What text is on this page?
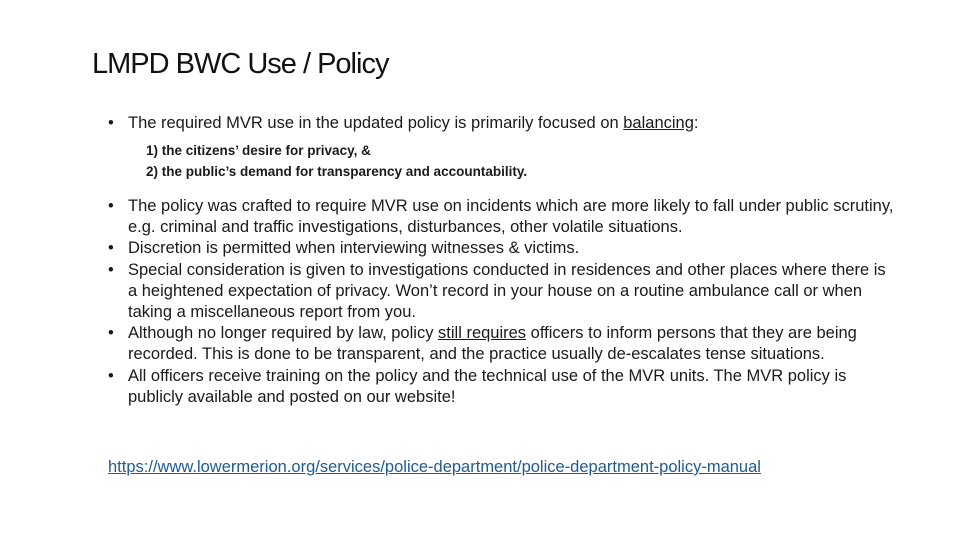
LMPD BWC Use / Policy
• The required MVR use in the updated policy is primarily focused on balancing:
1) the citizens’ desire for privacy, &
2) the public’s demand for transparency and accountability.
• The policy was crafted to require MVR use on incidents which are more likely to fall under public scrutiny, e.g. criminal and traffic investigations, disturbances, other volatile situations.
• Discretion is permitted when interviewing witnesses & victims.
• Special consideration is given to investigations conducted in residences and other places where there is a heightened expectation of privacy. Won’t record in your house on a routine ambulance call or when taking a miscellaneous report from you.
• Although no longer required by law, policy still requires officers to inform persons that they are being recorded. This is done to be transparent, and the practice usually de-escalates tense situations.
• All officers receive training on the policy and the technical use of the MVR units. The MVR policy is publicly available and posted on our website!
https://www.lowermerion.org/services/police-department/police-department-policy-manual
